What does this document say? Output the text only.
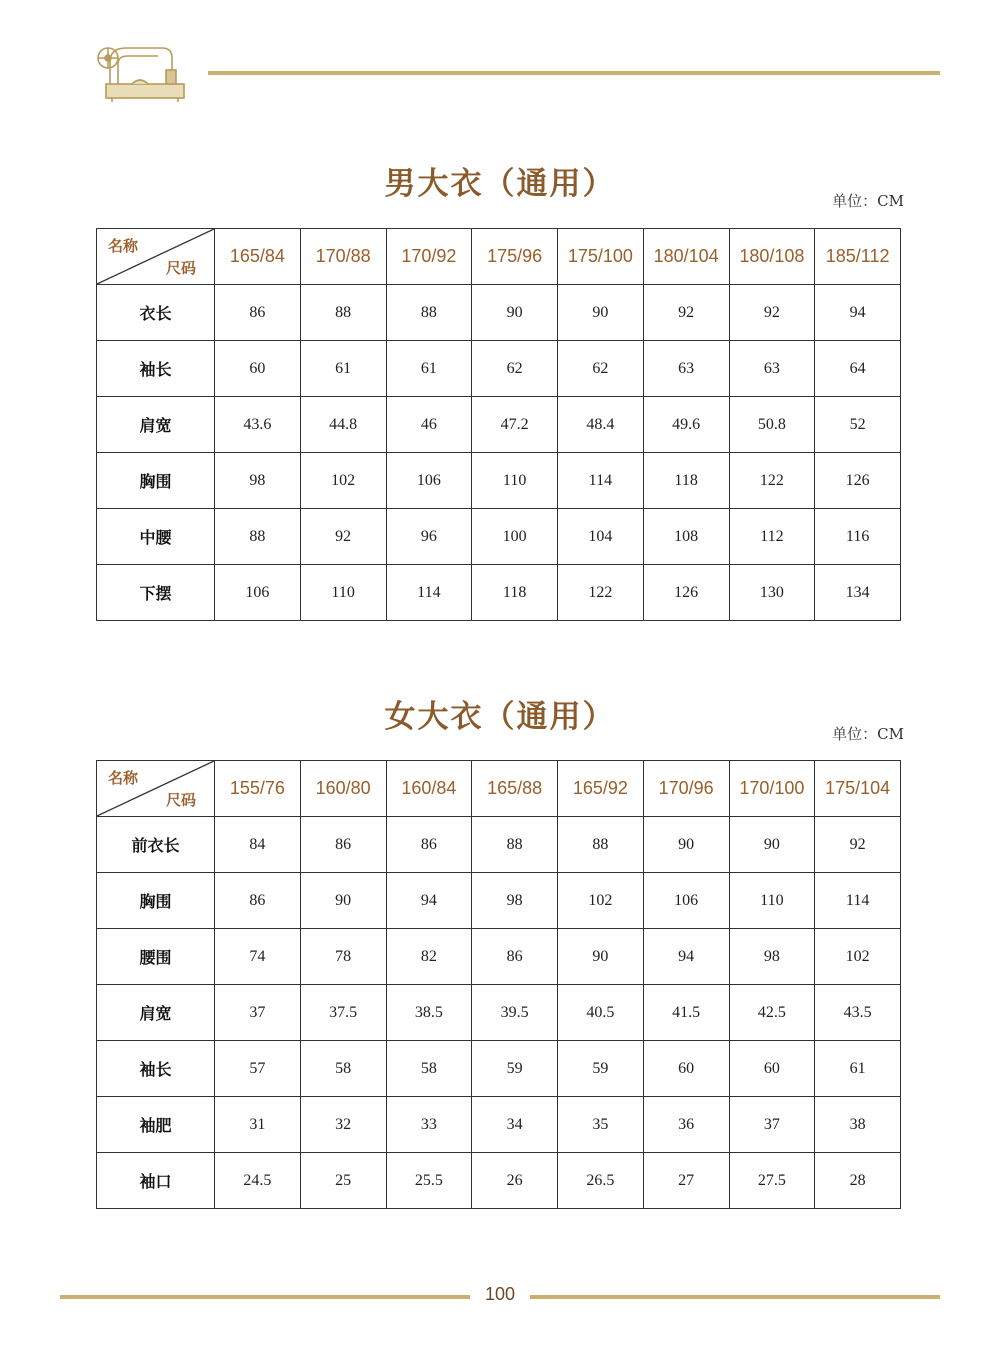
男大衣（通用）	单位：CM
名称
尺码	165/84	170/88	170/92	175/96	175/100	180/104	180/108	185/112
衣长	86	88	88	90	90	92	92	94
袖长	60	61	61	62	62	63	63	64
肩宽	43.6	44.8	46	47.2	48.4	49.6	50.8	52
胸围	98	102	106	110	114	118	122	126
中腰	88	92	96	100	104	108	112	116
下摆	106	110	114	118	122	126	130	134
女大衣（通用）	单位：CM
名称
尺码	155/76	160/80	160/84	165/88	165/92	170/96	170/100	175/104
前衣长	84	86	86	88	88	90	90	92
胸围	86	90	94	98	102	106	110	114
腰围	74	78	82	86	90	94	98	102
肩宽	37	37.5	38.5	39.5	40.5	41.5	42.5	43.5
袖长	57	58	58	59	59	60	60	61
袖肥	31	32	33	34	35	36	37	38
袖口	24.5	25	25.5	26	26.5	27	27.5	28
100
